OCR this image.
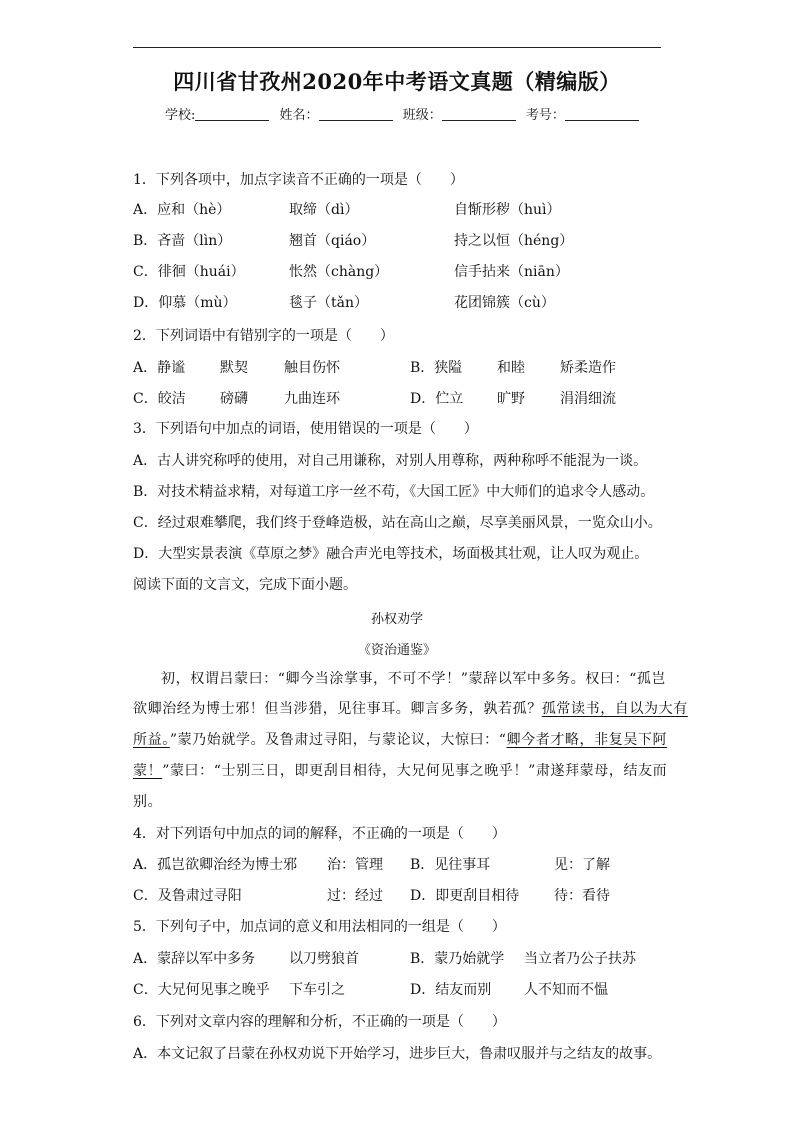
四川省甘孜州2020年中考语文真题（精编版）
学校:	姓名：	班级：	考号：
1．下列各项中，加点字读音不正确的一项是（　　）
A．应和（hè）	取缔（dì）	自惭形秽（huì）
B．吝啬（lìn）	翘首（qiáo）	持之以恒（héng）
C．徘徊（huái）	怅然（chàng）	信手拈来（niān）
D．仰慕（mù）	毯子（tǎn）	花团锦簇（cù）
2．下列词语中有错别字的一项是（　　）
A．静谧 默契	触目伤怀	B．狭隘 和睦	矫柔造作
C．皎洁 磅礴	九曲连环	D．伫立 旷野	涓涓细流
3．下列语句中加点的词语，使用错误的一项是（　　）
A．古人讲究称呼的使用，对自己用谦称，对别人用尊称，两种称呼不能混为一谈。
B．对技术精益求精，对每道工序一丝不苟，《大国工匠》中大师们的追求令人感动。
C．经过艰难攀爬，我们终于登峰造极，站在高山之巅，尽享美丽风景，一览众山小。
D．大型实景表演《草原之梦》融合声光电等技术，场面极其壮观，让人叹为观止。
阅读下面的文言文，完成下面小题。
孙权劝学
《资治通鉴》
初，权谓吕蒙曰：“卿今当涂掌事，不可不学！”蒙辞以军中多务。权曰：“孤岂
欲卿治经为博士邪！但当涉猎，见往事耳。卿言多务，孰若孤？孤常读书，自以为大有
所益。”蒙乃始就学。及鲁肃过寻阳，与蒙论议，大惊曰：“卿今者才略，非复吴下阿
蒙！”蒙曰：“士别三日，即更刮目相待，大兄何见事之晚乎！”肃遂拜蒙母，结友而
别。
4．对下列语句中加点的词的解释，不正确的一项是（　　）
A．孤岂欲卿治经为博士邪 治：管理 B．见往事耳	见：了解
C．及鲁肃过寻阳	过：经过 D．即更刮目相待 待：看待
5．下列句子中，加点词的意义和用法相同的一组是（　　）
A．蒙辞以军中多务 以刀劈狼首	B．蒙乃始就学 当立者乃公子扶苏
C．大兄何见事之晚乎 下车引之	D．结友而别 人不知而不愠
6．下列对文章内容的理解和分析，不正确的一项是（　　）
A．本文记叙了吕蒙在孙权劝说下开始学习，进步巨大，鲁肃叹服并与之结友的故事。
